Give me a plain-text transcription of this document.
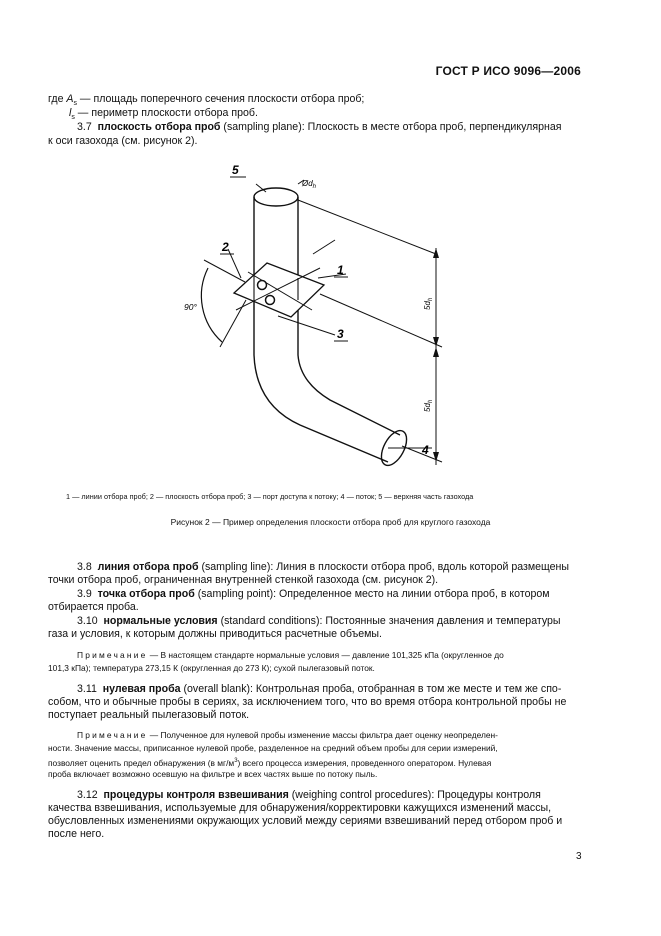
ГОСТ Р ИСО 9096—2006
где $A_s$ — площадь поперечного сечения плоскости отбора проб;
$l_s$ — периметр плоскости отбора проб.
3.7 плоскость отбора проб (sampling plane): Плоскость в месте отбора проб, перпендикулярная
к оси газохода (см. рисунок 2).
5
2
1
3
4
90°
$Ød_h$
$5d_h$
$5d_h$
1 — линии отбора проб; 2 — плоскость отбора проб; 3 — порт доступа к потоку; 4 — поток; 5 — верхняя часть газохода
Рисунок 2 — Пример определения плоскости отбора проб для круглого газохода
3.8 линия отбора проб (sampling line): Линия в плоскости отбора проб, вдоль которой размещены
точки отбора проб, ограниченная внутренней стенкой газохода (см. рисунок 2).
3.9 точка отбора проб (sampling point): Определенное место на линии отбора проб, в котором
отбирается проба.
3.10 нормальные условия (standard conditions): Постоянные значения давления и температуры
газа и условия, к которым должны приводиться расчетные объемы.
Примечание — В настоящем стандарте нормальные условия — давление 101,325 кПа (округленное до
101,3 кПа); температура 273,15 К (округленная до 273 К); сухой пылегазовый поток.
3.11 нулевая проба (overall blank): Контрольная проба, отобранная в том же месте и тем же спо-
собом, что и обычные пробы в сериях, за исключением того, что во время отбора контрольной пробы не
поступает реальный пылегазовый поток.
Примечание — Полученное для нулевой пробы изменение массы фильтра дает оценку неопределен-
ности. Значение массы, приписанное нулевой пробе, разделенное на средний объем пробы для серии измерений,
позволяет оценить предел обнаружения (в $мг/м^3$) всего процесса измерения, проведенного оператором. Нулевая
проба включает возможно осевшую на фильтре и всех частях выше по потоку пыль.
3.12 процедуры контроля взвешивания (weighing control procedures): Процедуры контроля
качества взвешивания, используемые для обнаружения/корректировки кажущихся изменений массы,
обусловленных изменениями окружающих условий между сериями взвешиваний перед отбором проб и
после него.
3
